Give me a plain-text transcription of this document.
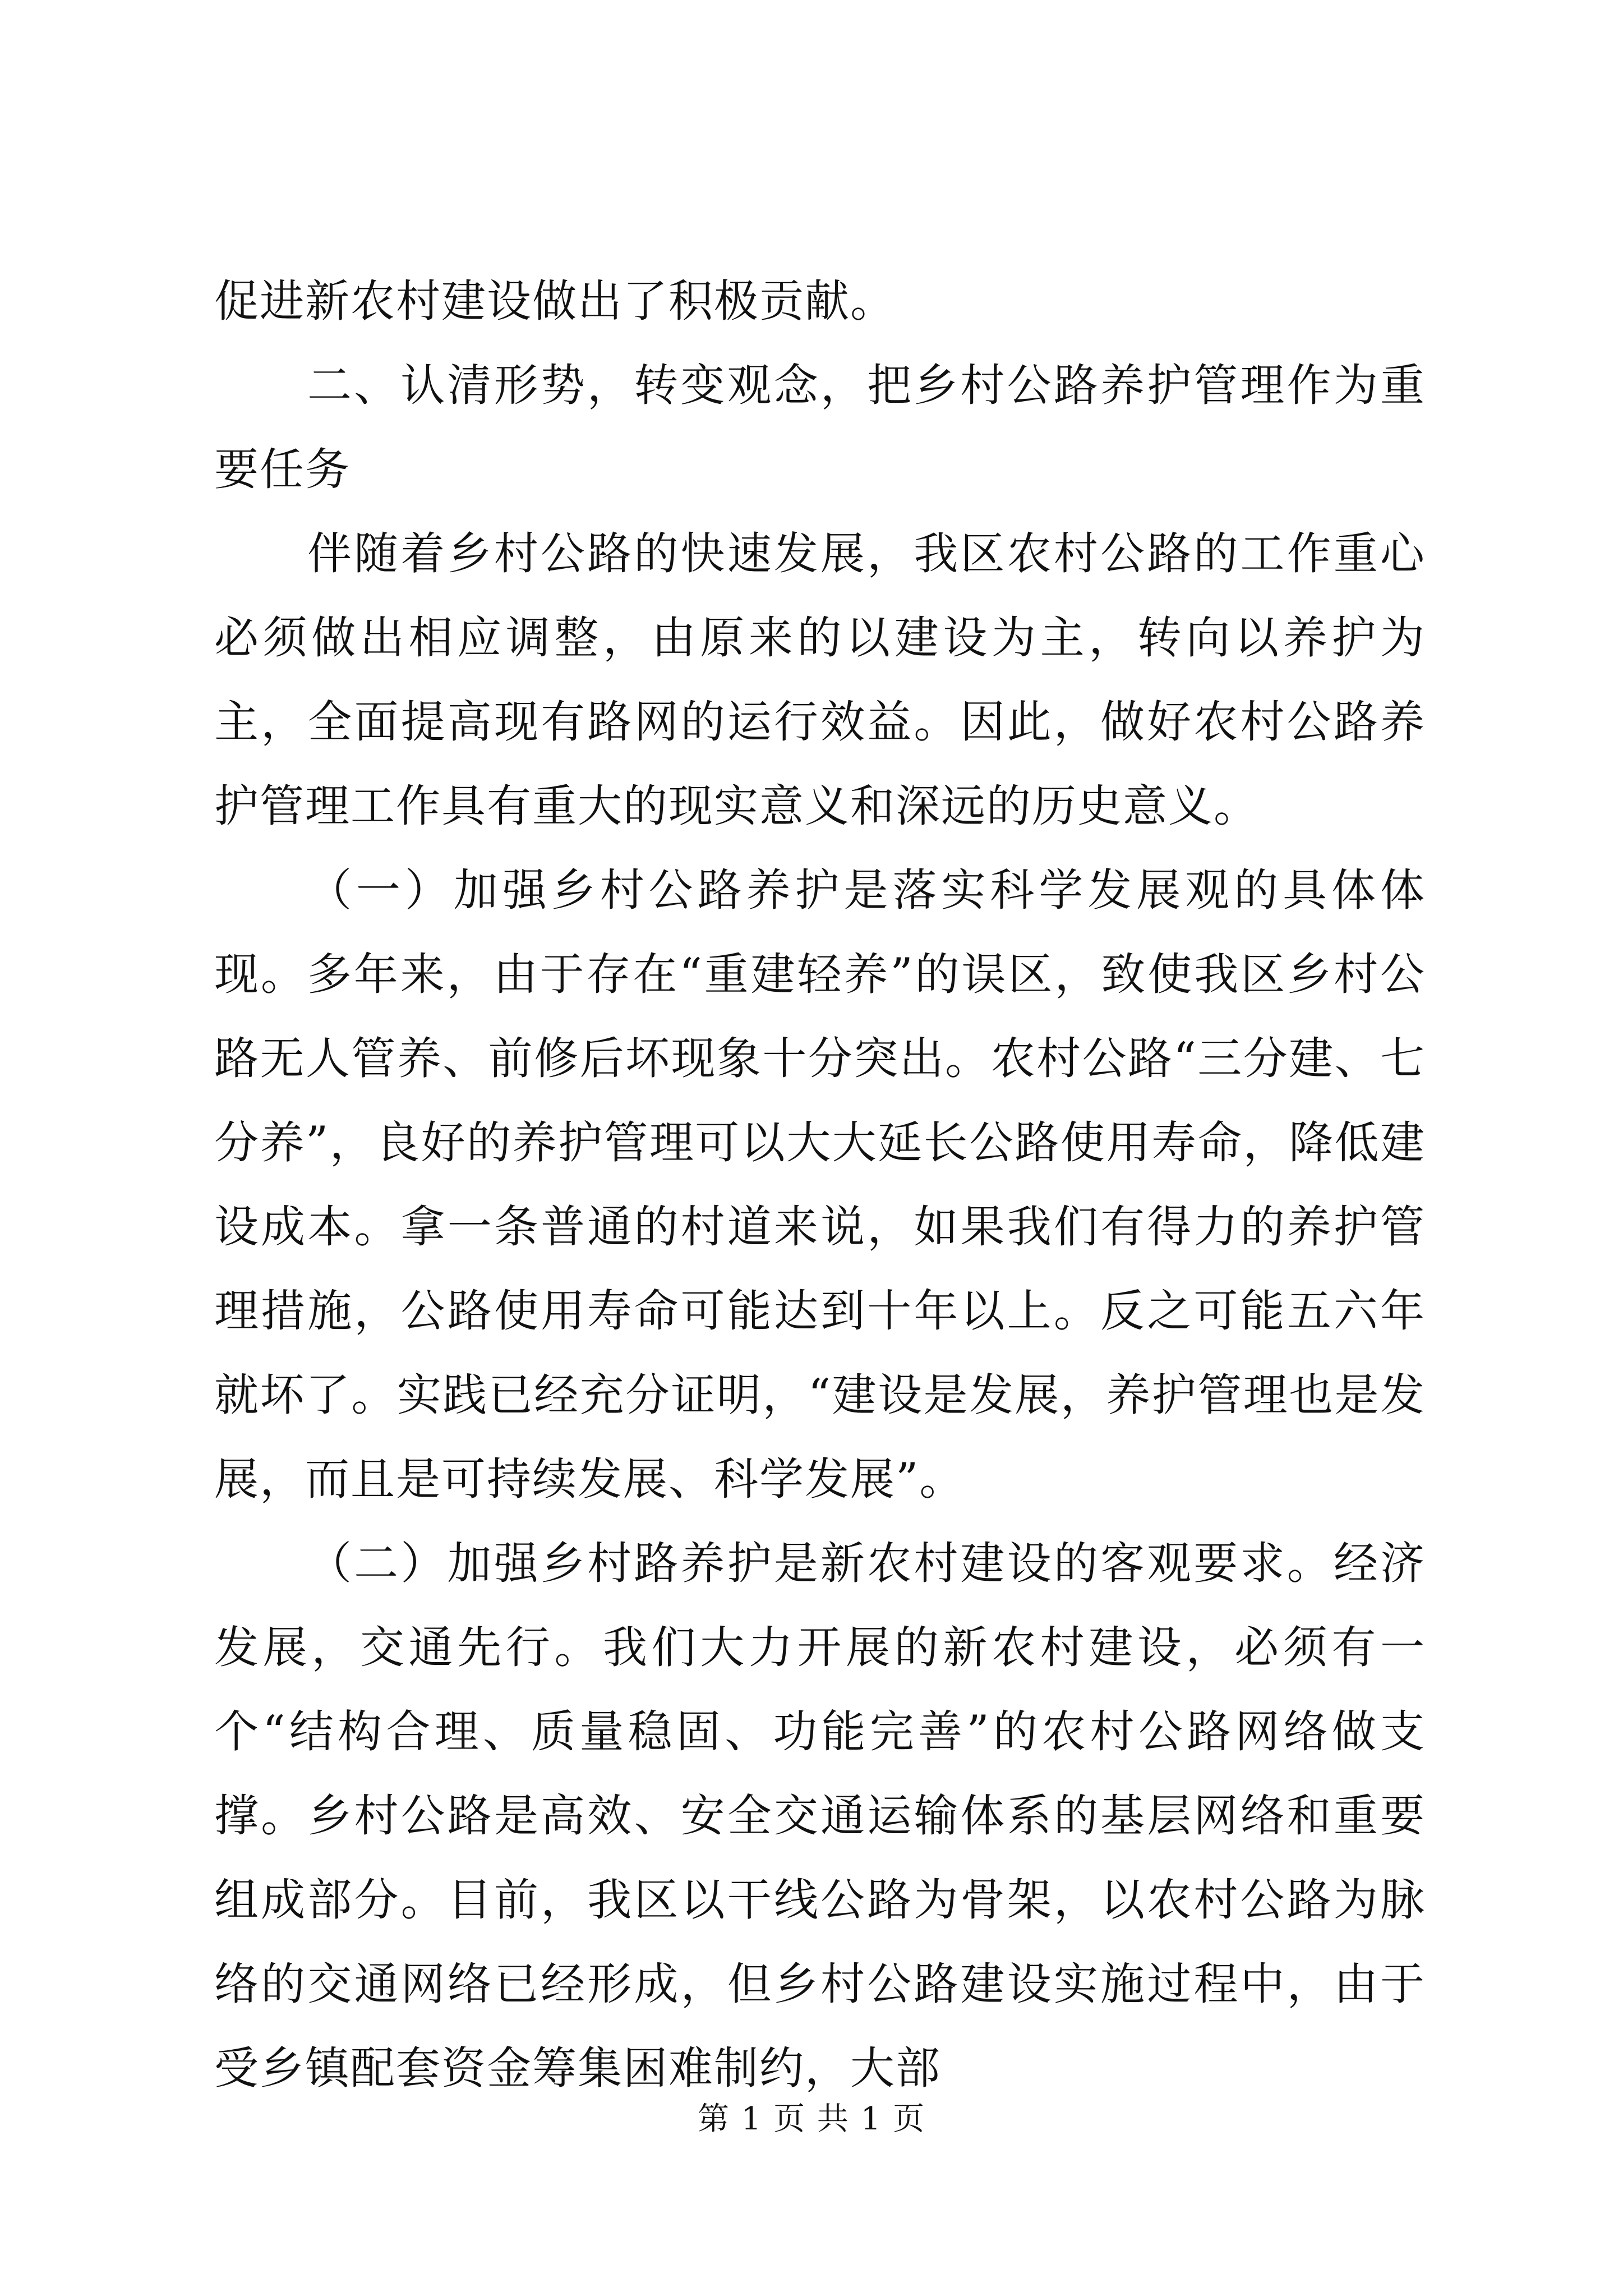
促进新农村建设做出了积极贡献。

二、认清形势，转变观念，把乡村公路养护管理作为重要任务

伴随着乡村公路的快速发展，我区农村公路的工作重心必须做出相应调整，由原来的以建设为主，转向以养护为主，全面提高现有路网的运行效益。因此，做好农村公路养护管理工作具有重大的现实意义和深远的历史意义。

（一）加强乡村公路养护是落实科学发展观的具体体现。多年来，由于存在“重建轻养”的误区，致使我区乡村公路无人管养、前修后坏现象十分突出。农村公路“三分建、七分养”，良好的养护管理可以大大延长公路使用寿命，降低建设成本。拿一条普通的村道来说，如果我们有得力的养护管理措施，公路使用寿命可能达到十年以上。反之可能五六年就坏了。实践已经充分证明，“建设是发展，养护管理也是发展，而且是可持续发展、科学发展”。

（二）加强乡村路养护是新农村建设的客观要求。经济发展，交通先行。我们大力开展的新农村建设，必须有一个“结构合理、质量稳固、功能完善”的农村公路网络做支撑。乡村公路是高效、安全交通运输体系的基层网络和重要组成部分。目前，我区以干线公路为骨架，以农村公路为脉络的交通网络已经形成，但乡村公路建设实施过程中，由于受乡镇配套资金筹集困难制约，大部

第 1 页 共 1 页
